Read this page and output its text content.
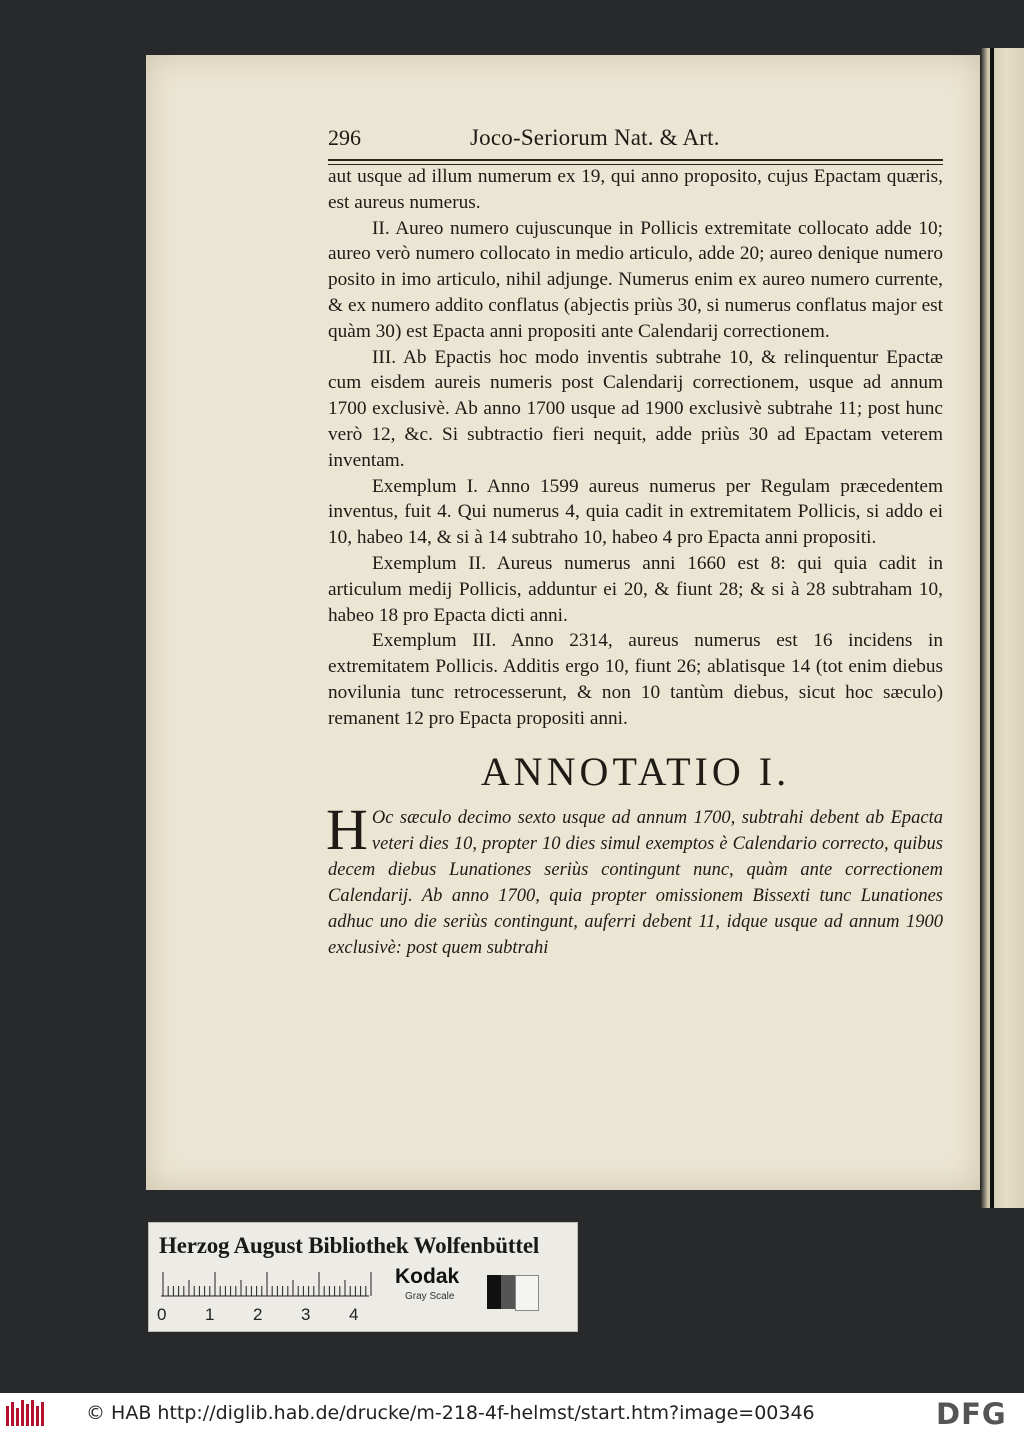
296	Joco-Seriorum Nat. & Art.

aut usque ad illum numerum ex 19, qui anno proposito, cujus Epactam quæris, est aureus numerus.

II. Aureo numero cujuscunque in Pollicis extremitate collocato adde 10; aureo verò numero collocato in medio articulo, adde 20; aureo denique numero posito in imo articulo, nihil adjunge. Numerus enim ex aureo numero currente, & ex numero addito conflatus (abjectis priùs 30, si numerus conflatus major est quàm 30) est Epacta anni propositi ante Calendarij correctionem.

III. Ab Epactis hoc modo inventis subtrahe 10, & relinquentur Epactæ cum eisdem aureis numeris post Calendarij correctionem, usque ad annum 1700 exclusivè. Ab anno 1700 usque ad 1900 exclusivè subtrahe 11; post hunc verò 12, &c. Si subtractio fieri nequit, adde priùs 30 ad Epactam veterem inventam.

Exemplum I. Anno 1599 aureus numerus per Regulam præcedentem inventus, fuit 4. Qui numerus 4, quia cadit in extremitatem Pollicis, si addo ei 10, habeo 14, & si à 14 subtraho 10, habeo 4 pro Epacta anni propositi.

Exemplum II. Aureus numerus anni 1660 est 8: qui quia cadit in articulum medij Pollicis, adduntur ei 20, & fiunt 28; & si à 28 subtraham 10, habeo 18 pro Epacta dicti anni.

Exemplum III. Anno 2314, aureus numerus est 16 incidens in extremitatem Pollicis. Additis ergo 10, fiunt 26; ablatisque 14 (tot enim diebus novilunia tunc retrocesserunt, & non 10 tantùm diebus, sicut hoc sæculo) remanent 12 pro Epacta propositi anni.

ANNOTATIO I.
H Oc sæculo decimo sexto usque ad annum 1700, subtrahi debent ab Epacta veteri dies 10, propter 10 dies simul exemptos è Calendario correcto, quibus decem diebus Lunationes seriùs contingunt nunc, quàm ante correctionem Calendarij. Ab anno 1700, quia propter omissionem Bissexti tunc Lunationes adhuc uno die seriùs contingunt, auferri debent 11, idque usque ad annum 1900 exclusivè: post quem subtrahi
Herzog August Bibliothek Wolfenbüttel
0	1	2	3	4
Kodak
Gray Scale
© HAB http://diglib.hab.de/drucke/m-218-4f-helmst/start.htm?image=00346	DFG
